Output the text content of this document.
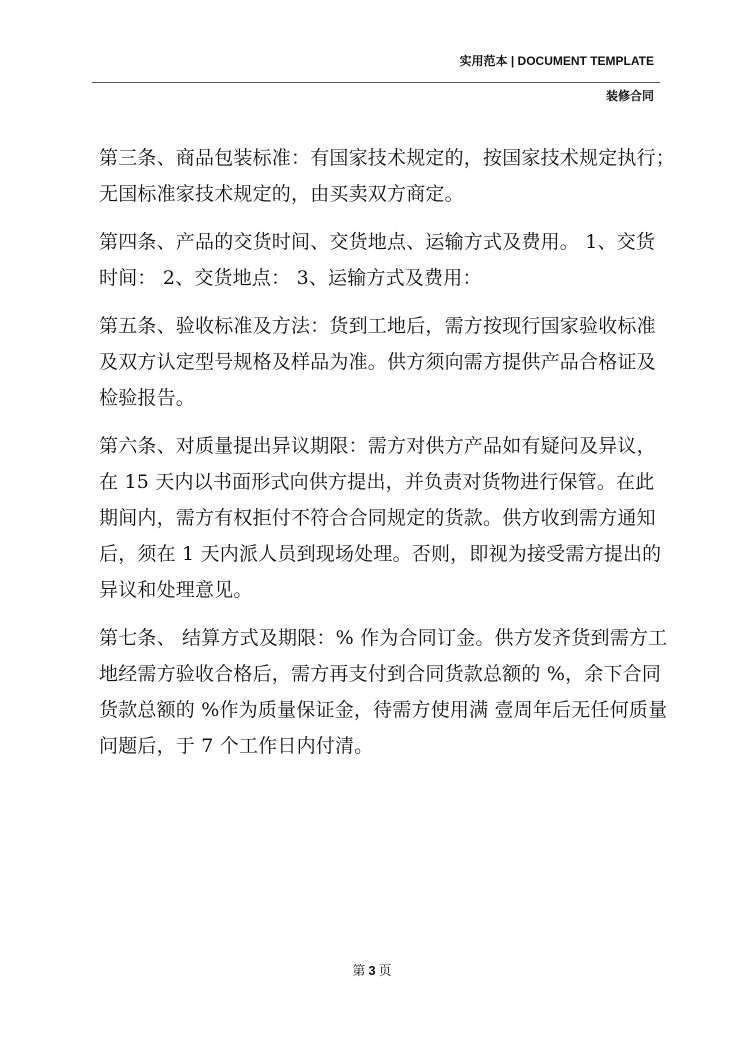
实用范本 | DOCUMENT TEMPLATE
装修合同
第三条、商品包装标准：有国家技术规定的，按国家技术规定执行；
无国标准家技术规定的，由买卖双方商定。
第四条、产品的交货时间、交货地点、运输方式及费用。 1、交货
时间： 2、交货地点： 3、运输方式及费用：
第五条、验收标准及方法：货到工地后，需方按现行国家验收标准
及双方认定型号规格及样品为准。供方须向需方提供产品合格证及
检验报告。
第六条、对质量提出异议期限：需方对供方产品如有疑问及异议，
在 15 天内以书面形式向供方提出，并负责对货物进行保管。在此
期间内，需方有权拒付不符合合同规定的货款。供方收到需方通知
后，须在 1 天内派人员到现场处理。否则，即视为接受需方提出的
异议和处理意见。
第七条、 结算方式及期限：% 作为合同订金。供方发齐货到需方工
地经需方验收合格后，需方再支付到合同货款总额的 %，余下合同
货款总额的 %作为质量保证金，待需方使用满 壹周年后无任何质量
问题后，于 7 个工作日内付清。
第 3 页
